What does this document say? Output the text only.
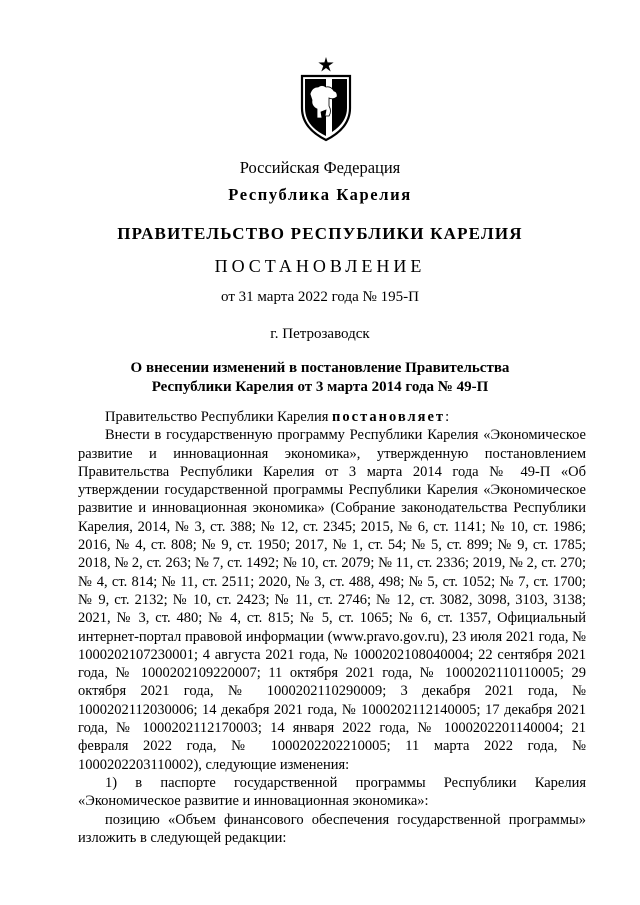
Российская Федерация
Республика Карелия
ПРАВИТЕЛЬСТВО РЕСПУБЛИКИ КАРЕЛИЯ
ПОСТАНОВЛЕНИЕ
от 31 марта 2022 года № 195-П
г. Петрозаводск
О внесении изменений в постановление Правительства
Республики Карелия от 3 марта 2014 года № 49-П

Правительство Республики Карелия постановляет:

Внести в государственную программу Республики Карелия «Экономическое развитие и инновационная экономика», утвержденную постановлением Правительства Республики Карелия от 3 марта 2014 года № 49-П «Об утверждении государственной программы Республики Карелия «Экономическое развитие и инновационная экономика» (Собрание законодательства Республики Карелия, 2014, № 3, ст. 388; № 12, ст. 2345; 2015, № 6, ст. 1141; № 10, ст. 1986; 2016, № 4, ст. 808; № 9, ст. 1950; 2017, № 1, ст. 54; № 5, ст. 899; № 9, ст. 1785; 2018, № 2, ст. 263; № 7, ст. 1492; № 10, ст. 2079; № 11, ст. 2336; 2019, № 2, ст. 270; № 4, ст. 814; № 11, ст. 2511; 2020, № 3, ст. 488, 498; № 5, ст. 1052; № 7, ст. 1700; № 9, ст. 2132; № 10, ст. 2423; № 11, ст. 2746; № 12, ст. 3082, 3098, 3103, 3138; 2021, № 3, ст. 480; № 4, ст. 815; № 5, ст. 1065; № 6, ст. 1357, Официальный интернет-портал правовой информации (www.pravo.gov.ru), 23 июля 2021 года, № 1000202107230001; 4 августа 2021 года, № 1000202108040004; 22 сентября 2021 года, № 1000202109220007; 11 октября 2021 года, № 1000202110110005; 29 октября 2021 года, № 1000202110290009; 3 декабря 2021 года, № 1000202112030006; 14 декабря 2021 года, № 1000202112140005; 17 декабря 2021 года, № 1000202112170003; 14 января 2022 года, № 1000202201140004; 21 февраля 2022 года, № 1000202202210005; 11 марта 2022 года, № 1000202203110002), следующие изменения:

1) в паспорте государственной программы Республики Карелия «Экономическое развитие и инновационная экономика»:

позицию «Объем финансового обеспечения государственной программы» изложить в следующей редакции:
